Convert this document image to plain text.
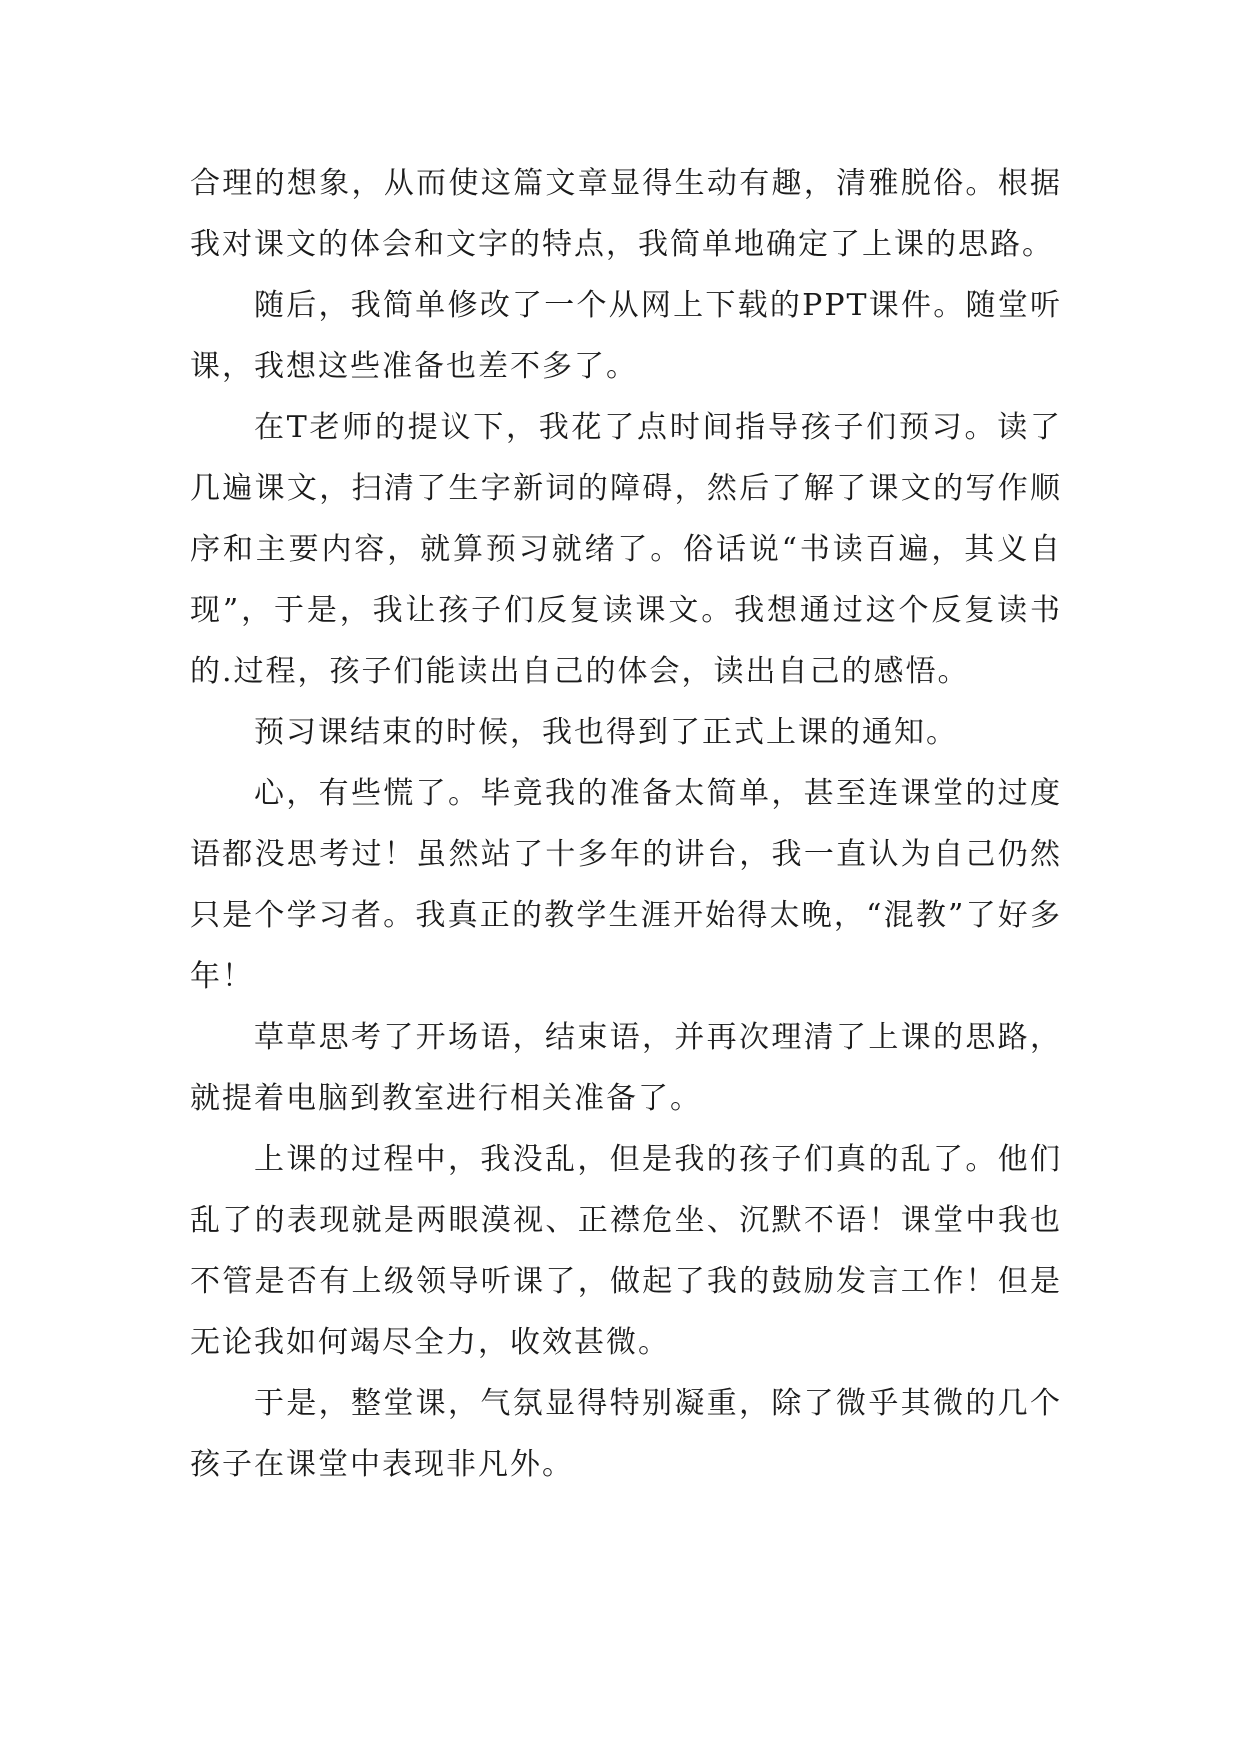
合理的想象，从而使这篇文章显得生动有趣，清雅脱俗。根据我对课文的体会和文字的特点，我简单地确定了上课的思路。

随后，我简单修改了一个从网上下载的PPT课件。随堂听课，我想这些准备也差不多了。

在T老师的提议下，我花了点时间指导孩子们预习。读了几遍课文，扫清了生字新词的障碍，然后了解了课文的写作顺序和主要内容，就算预习就绪了。俗话说“书读百遍，其义自现”，于是，我让孩子们反复读课文。我想通过这个反复读书的.过程，孩子们能读出自己的体会，读出自己的感悟。

预习课结束的时候，我也得到了正式上课的通知。

心，有些慌了。毕竟我的准备太简单，甚至连课堂的过度语都没思考过！虽然站了十多年的讲台，我一直认为自己仍然只是个学习者。我真正的教学生涯开始得太晚，“混教”了好多年！

草草思考了开场语，结束语，并再次理清了上课的思路，就提着电脑到教室进行相关准备了。

上课的过程中，我没乱，但是我的孩子们真的乱了。他们乱了的表现就是两眼漠视、正襟危坐、沉默不语！课堂中我也不管是否有上级领导听课了，做起了我的鼓励发言工作！但是无论我如何竭尽全力，收效甚微。

于是，整堂课，气氛显得特别凝重，除了微乎其微的几个孩子在课堂中表现非凡外。
